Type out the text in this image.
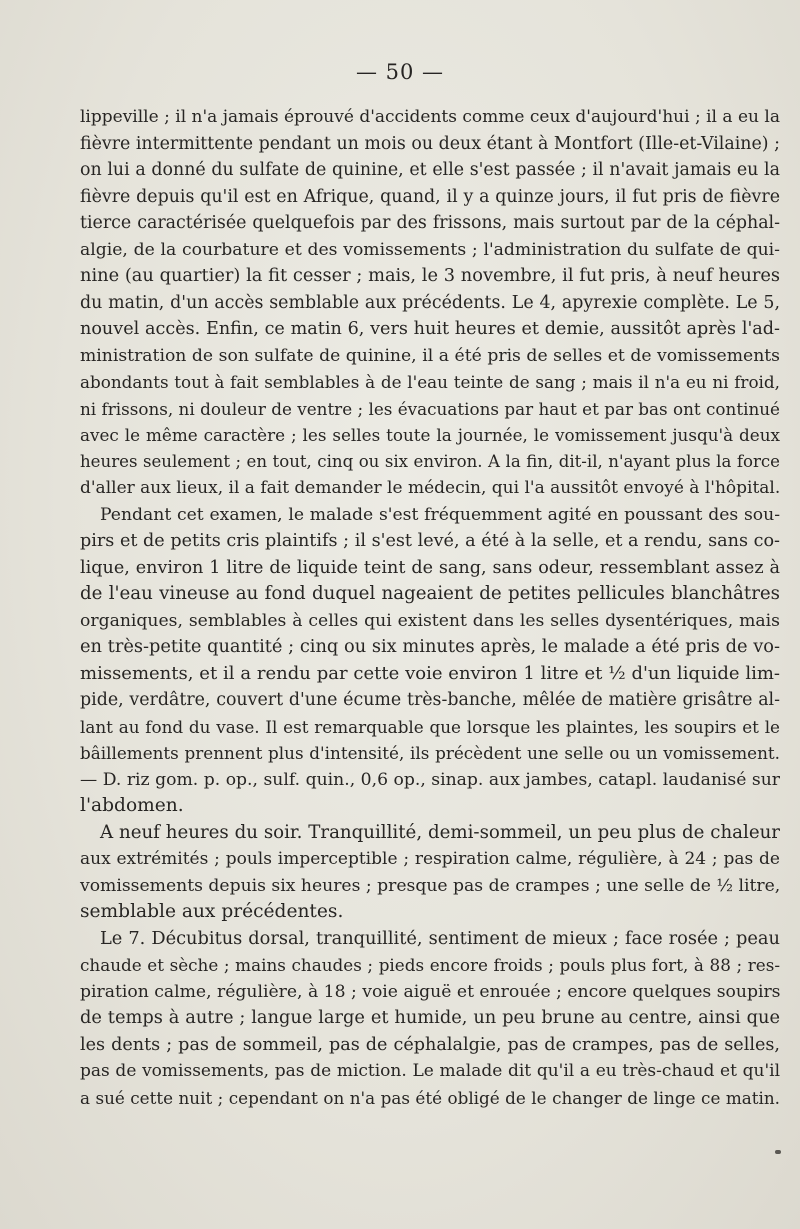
— 50 —
lippeville ; il n'a jamais éprouvé d'accidents comme ceux d'aujourd'hui ; il a eu la
fièvre intermittente pendant un mois ou deux étant à Montfort (Ille-et-Vilaine) ;
on lui a donné du sulfate de quinine, et elle s'est passée ; il n'avait jamais eu la
fièvre depuis qu'il est en Afrique, quand, il y a quinze jours, il fut pris de fièvre
tierce caractérisée quelquefois par des frissons, mais surtout par de la céphal-
algie, de la courbature et des vomissements ; l'administration du sulfate de qui-
nine (au quartier) la fit cesser ; mais, le 3 novembre, il fut pris, à neuf heures
du matin, d'un accès semblable aux précédents. Le 4, apyrexie complète. Le 5,
nouvel accès. Enfin, ce matin 6, vers huit heures et demie, aussitôt après l'ad-
ministration de son sulfate de quinine, il a été pris de selles et de vomissements
abondants tout à fait semblables à de l'eau teinte de sang ; mais il n'a eu ni froid,
ni frissons, ni douleur de ventre ; les évacuations par haut et par bas ont continué
avec le même caractère ; les selles toute la journée, le vomissement jusqu'à deux
heures seulement ; en tout, cinq ou six environ. A la fin, dit-il, n'ayant plus la force
d'aller aux lieux, il a fait demander le médecin, qui l'a aussitôt envoyé à l'hôpital.
Pendant cet examen, le malade s'est fréquemment agité en poussant des sou-
pirs et de petits cris plaintifs ; il s'est levé, a été à la selle, et a rendu, sans co-
lique, environ 1 litre de liquide teint de sang, sans odeur, ressemblant assez à
de l'eau vineuse au fond duquel nageaient de petites pellicules blanchâtres
organiques, semblables à celles qui existent dans les selles dysentériques, mais
en très-petite quantité ; cinq ou six minutes après, le malade a été pris de vo-
missements, et il a rendu par cette voie environ 1 litre et ½ d'un liquide lim-
pide, verdâtre, couvert d'une écume très-banche, mêlée de matière grisâtre al-
lant au fond du vase. Il est remarquable que lorsque les plaintes, les soupirs et le
bâillements prennent plus d'intensité, ils précèdent une selle ou un vomissement.
— D. riz gom. p. op., sulf. quin., 0,6 op., sinap. aux jambes, catapl. laudanisé sur
l'abdomen.
A neuf heures du soir. Tranquillité, demi-sommeil, un peu plus de chaleur
aux extrémités ; pouls imperceptible ; respiration calme, régulière, à 24 ; pas de
vomissements depuis six heures ; presque pas de crampes ; une selle de ½ litre,
semblable aux précédentes.
Le 7. Décubitus dorsal, tranquillité, sentiment de mieux ; face rosée ; peau
chaude et sèche ; mains chaudes ; pieds encore froids ; pouls plus fort, à 88 ; res-
piration calme, régulière, à 18 ; voie aiguë et enrouée ; encore quelques soupirs
de temps à autre ; langue large et humide, un peu brune au centre, ainsi que
les dents ; pas de sommeil, pas de céphalalgie, pas de crampes, pas de selles,
pas de vomissements, pas de miction. Le malade dit qu'il a eu très-chaud et qu'il
a sué cette nuit ; cependant on n'a pas été obligé de le changer de linge ce matin.
